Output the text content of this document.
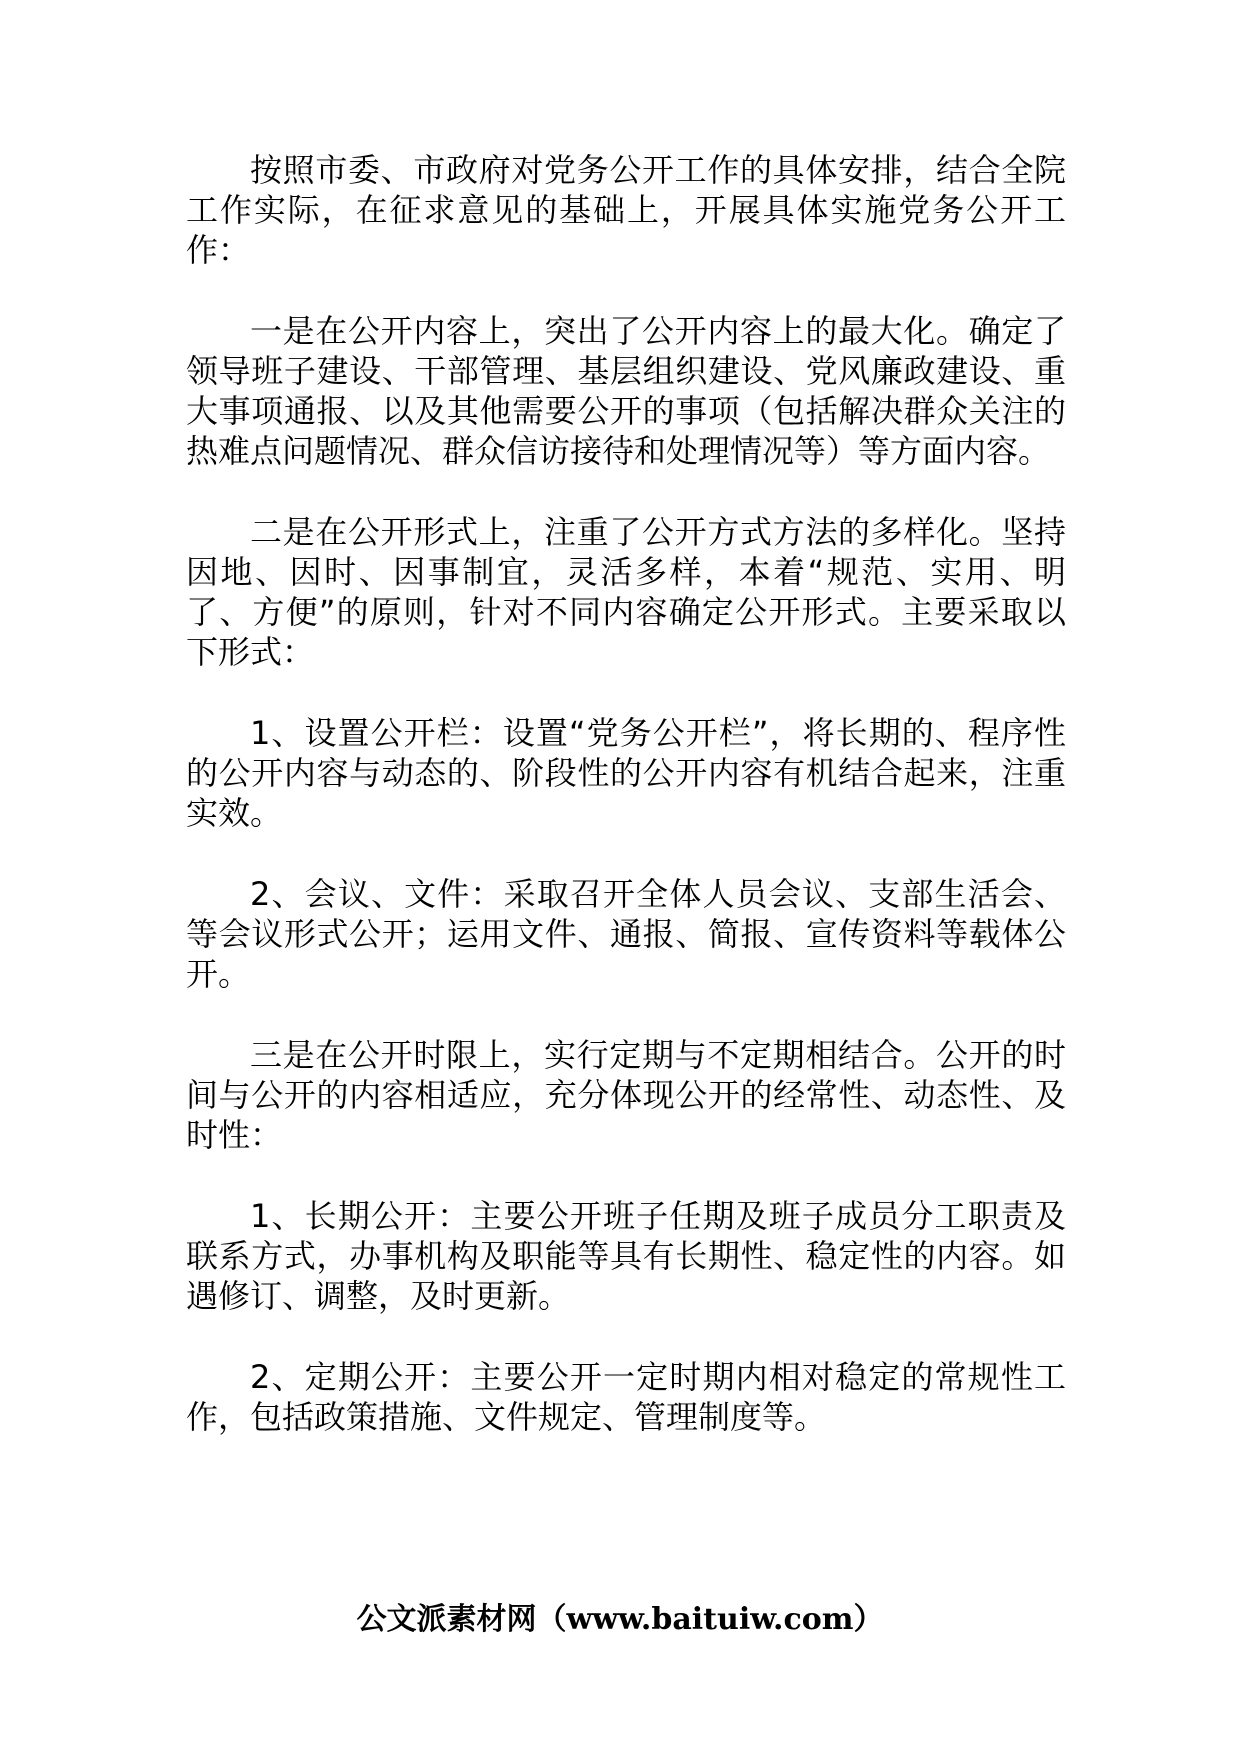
按照市委、市政府对党务公开工作的具体安排，结合全院工作实际，在征求意见的基础上，开展具体实施党务公开工作：

一是在公开内容上，突出了公开内容上的最大化。确定了领导班子建设、干部管理、基层组织建设、党风廉政建设、重大事项通报、以及其他需要公开的事项（包括解决群众关注的热难点问题情况、群众信访接待和处理情况等）等方面内容。

二是在公开形式上，注重了公开方式方法的多样化。坚持因地、因时、因事制宜，灵活多样，本着“规范、实用、明了、方便”的原则，针对不同内容确定公开形式。主要采取以下形式：

1、设置公开栏：设置“党务公开栏”，将长期的、程序性的公开内容与动态的、阶段性的公开内容有机结合起来，注重实效。

2、会议、文件：采取召开全体人员会议、支部生活会、等会议形式公开；运用文件、通报、简报、宣传资料等载体公开。

三是在公开时限上，实行定期与不定期相结合。公开的时间与公开的内容相适应，充分体现公开的经常性、动态性、及时性：

1、长期公开：主要公开班子任期及班子成员分工职责及联系方式，办事机构及职能等具有长期性、稳定性的内容。如遇修订、调整，及时更新。

2、定期公开：主要公开一定时期内相对稳定的常规性工作，包括政策措施、文件规定、管理制度等。

公文派素材网（www.baituiw.com）
